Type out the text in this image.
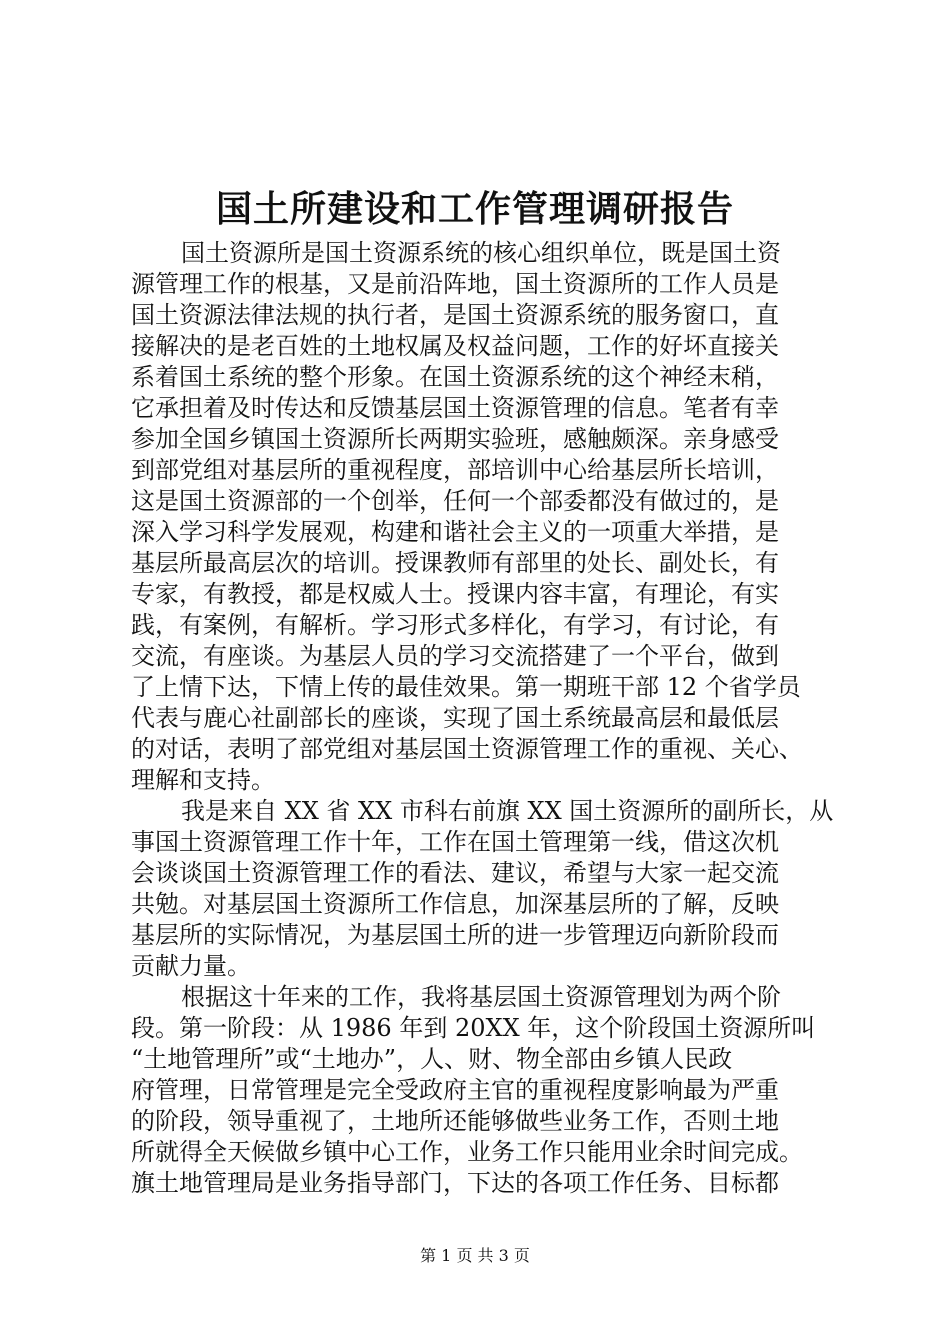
国土所建设和工作管理调研报告
国土资源所是国土资源系统的核心组织单位，既是国土资
源管理工作的根基，又是前沿阵地，国土资源所的工作人员是
国土资源法律法规的执行者，是国土资源系统的服务窗口，直
接解决的是老百姓的土地权属及权益问题，工作的好坏直接关
系着国土系统的整个形象。在国土资源系统的这个神经末稍，
它承担着及时传达和反馈基层国土资源管理的信息。笔者有幸
参加全国乡镇国土资源所长两期实验班，感触颇深。亲身感受
到部党组对基层所的重视程度，部培训中心给基层所长培训，
这是国土资源部的一个创举，任何一个部委都没有做过的，是
深入学习科学发展观，构建和谐社会主义的一项重大举措，是
基层所最高层次的培训。授课教师有部里的处长、副处长，有
专家，有教授，都是权威人士。授课内容丰富，有理论，有实
践，有案例，有解析。学习形式多样化，有学习，有讨论，有
交流，有座谈。为基层人员的学习交流搭建了一个平台，做到
了上情下达，下情上传的最佳效果。第一期班干部 12 个省学员
代表与鹿心社副部长的座谈，实现了国土系统最高层和最低层
的对话，表明了部党组对基层国土资源管理工作的重视、关心、
理解和支持。
我是来自 XX 省 XX 市科右前旗 XX 国土资源所的副所长，从
事国土资源管理工作十年，工作在国土管理第一线，借这次机
会谈谈国土资源管理工作的看法、建议，希望与大家一起交流
共勉。对基层国土资源所工作信息，加深基层所的了解，反映
基层所的实际情况，为基层国土所的进一步管理迈向新阶段而
贡献力量。
根据这十年来的工作，我将基层国土资源管理划为两个阶
段。第一阶段：从 1986 年到 20XX 年，这个阶段国土资源所叫
“土地管理所”或“土地办”，人、财、物全部由乡镇人民政
府管理，日常管理是完全受政府主官的重视程度影响最为严重
的阶段，领导重视了，土地所还能够做些业务工作，否则土地
所就得全天候做乡镇中心工作，业务工作只能用业余时间完成。
旗土地管理局是业务指导部门，下达的各项工作任务、目标都
第 1 页 共 3 页
